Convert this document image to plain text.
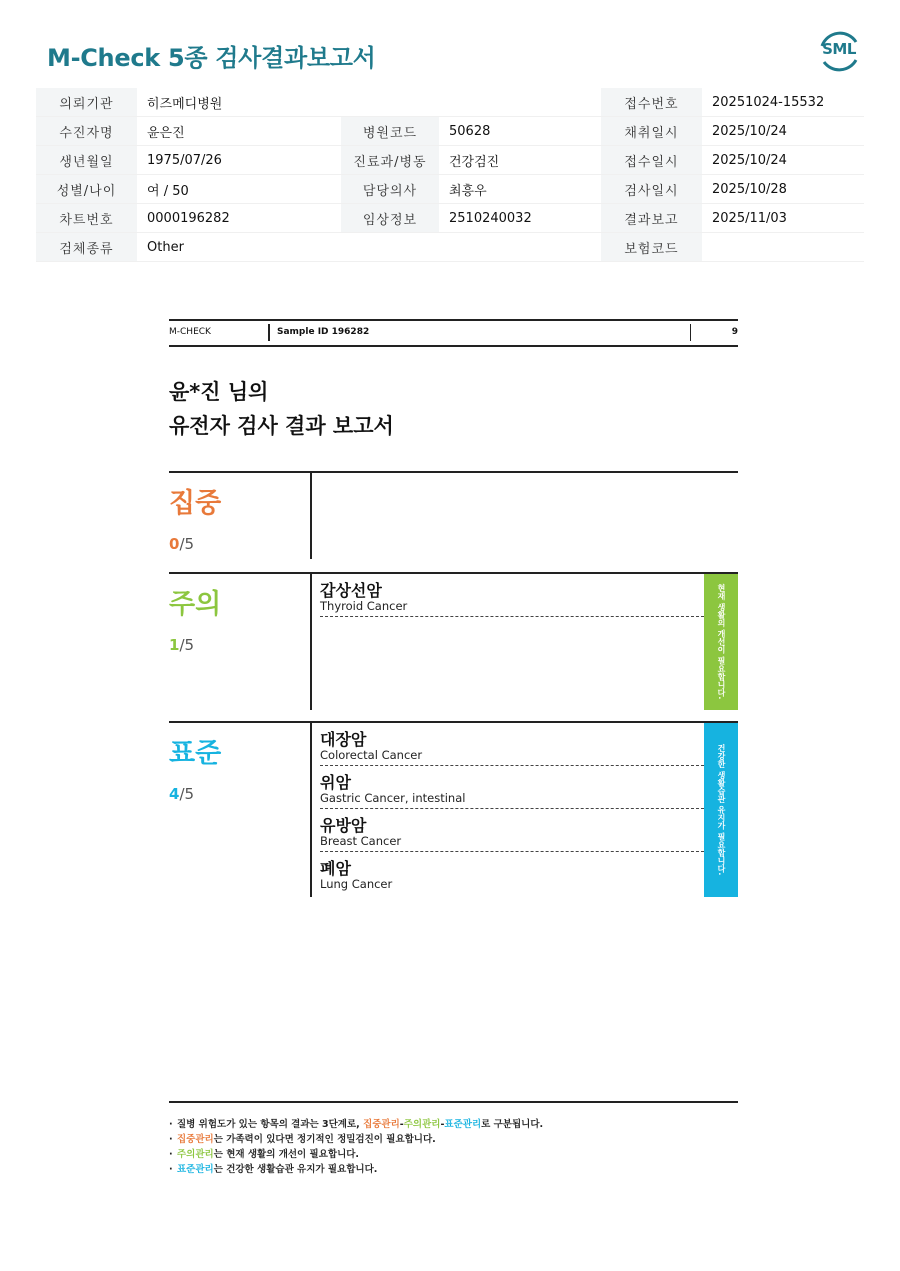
M-Check 5종 검사결과보고서	SML
의뢰기관	히즈메디병원			접수번호	20251024-15532
수진자명	윤은진	병원코드	50628	채취일시	2025/10/24
생년월일	1975/07/26	진료과/병동	건강검진	접수일시	2025/10/24
성별/나이	여 / 50	담당의사	최흥우	검사일시	2025/10/28
차트번호	0000196282	임상정보	2510240032	결과보고	2025/11/03
검체종류	Other			보험코드	
M-CHECK	Sample ID 196282	9
윤*진 님의
유전자 검사 결과 보고서
집중
0/5
주의
1/5
갑상선암
Thyroid Cancer	현재 생활의 개선이 필요합니다.
표준
4/5
대장암
Colorectal Cancer
위암
Gastric Cancer, intestinal
유방암
Breast Cancer
폐암
Lung Cancer
건강한 생활습관 유지가 필요합니다.
· 질병 위험도가 있는 항목의 결과는 3단계로, 집중관리-주의관리-표준관리로 구분됩니다.
· 집중관리는 가족력이 있다면 정기적인 정밀검진이 필요합니다.
· 주의관리는 현재 생활의 개선이 필요합니다.
· 표준관리는 건강한 생활습관 유지가 필요합니다.
